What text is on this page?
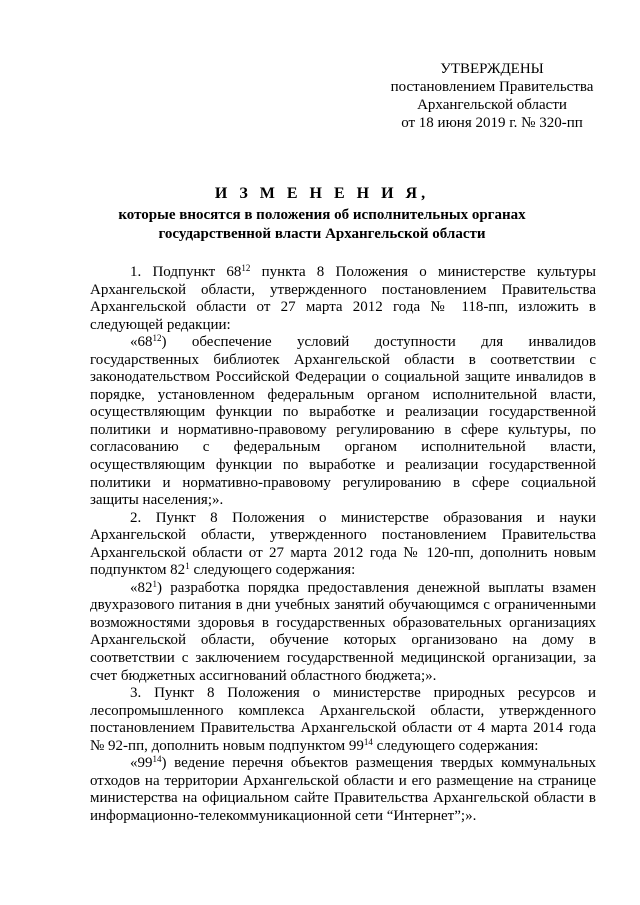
УТВЕРЖДЕНЫ
постановлением Правительства
Архангельской области
от 18 июня 2019 г. № 320-пп
И З М Е Н Е Н И Я,
которые вносятся в положения об исполнительных органах
государственной власти Архангельской области

1. Подпункт $68^{12}$ пункта 8 Положения о министерстве культуры Архангельской области, утвержденного постановлением Правительства Архангельской области от 27 марта 2012 года № 118-пп, изложить в следующей редакции:

«$68^{12}$) обеспечение условий доступности для инвалидов государственных библиотек Архангельской области в соответствии с законодательством Российской Федерации о социальной защите инвалидов в порядке, установленном федеральным органом исполнительной власти, осуществляющим функции по выработке и реализации государственной политики и нормативно-правовому регулированию в сфере культуры, по согласованию с федеральным органом исполнительной власти, осуществляющим функции по выработке и реализации государственной политики и нормативно-правовому регулированию в сфере социальной защиты населения;».

2. Пункт 8 Положения о министерстве образования и науки Архангельской области, утвержденного постановлением Правительства Архангельской области от 27 марта 2012 года № 120-пп, дополнить новым подпунктом $82^1$ следующего содержания:

«$82^1$) разработка порядка предоставления денежной выплаты взамен двухразового питания в дни учебных занятий обучающимся с ограниченными возможностями здоровья в государственных образовательных организациях Архангельской области, обучение которых организовано на дому в соответствии с заключением государственной медицинской организации, за счет бюджетных ассигнований областного бюджета;».

3. Пункт 8 Положения о министерстве природных ресурсов и лесопромышленного комплекса Архангельской области, утвержденного постановлением Правительства Архангельской области от 4 марта 2014 года № 92-пп, дополнить новым подпунктом $99^{14}$ следующего содержания:

«$99^{14}$) ведение перечня объектов размещения твердых коммунальных отходов на территории Архангельской области и его размещение на странице министерства на официальном сайте Правительства Архангельской области в информационно-телекоммуникационной сети “Интернет”;».
